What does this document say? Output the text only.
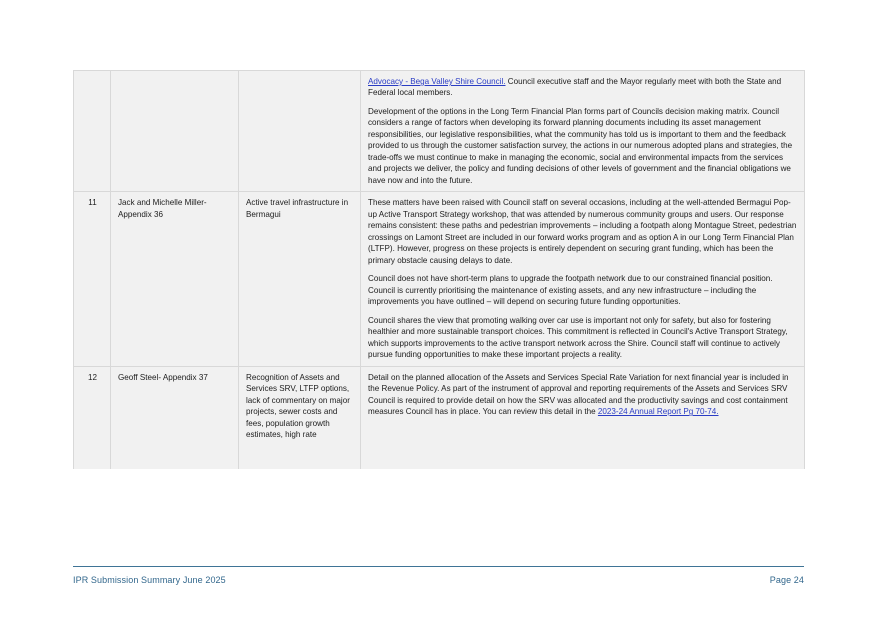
			Advocacy - Bega Valley Shire Council. Council executive staff and the Mayor regularly meet with both the State and Federal local members.

Development of the options in the Long Term Financial Plan forms part of Councils decision making matrix. Council considers a range of factors when developing its forward planning documents including its asset management responsibilities, our legislative responsibilities, what the community has told us is important to them and the feedback provided to us through the customer satisfaction survey, the actions in our numerous adopted plans and strategies, the trade-offs we must continue to make in managing the economic, social and environmental impacts from the services and projects we deliver, the policy and funding decisions of other levels of government and the financial obligations we have now and into the future.

11	Jack and Michelle Miller- Appendix 36	Active travel infrastructure in Bermagui	These matters have been raised with Council staff on several occasions, including at the well-attended Bermagui Pop-up Active Transport Strategy workshop, that was attended by numerous community groups and users. Our response remains consistent: these paths and pedestrian improvements – including a footpath along Montague Street, pedestrian crossings on Lamont Street are included in our forward works program and as option A in our Long Term Financial Plan (LTFP). However, progress on these projects is entirely dependent on securing grant funding, which has been the primary obstacle causing delays to date.

Council does not have short-term plans to upgrade the footpath network due to our constrained financial position. Council is currently prioritising the maintenance of existing assets, and any new infrastructure – including the improvements you have outlined – will depend on securing future funding opportunities.

Council shares the view that promoting walking over car use is important not only for safety, but also for fostering healthier and more sustainable transport choices. This commitment is reflected in Council's Active Transport Strategy, which supports improvements to the active transport network across the Shire. Council staff will continue to actively pursue funding opportunities to make these important projects a reality.

12	Geoff Steel- Appendix 37	Recognition of Assets and Services SRV, LTFP options, lack of commentary on major projects, sewer costs and fees, population growth estimates, high rate	Detail on the planned allocation of the Assets and Services Special Rate Variation for next financial year is included in the Revenue Policy. As part of the instrument of approval and reporting requirements of the Assets and Services SRV Council is required to provide detail on how the SRV was allocated and the productivity savings and cost containment measures Council has in place. You can review this detail in the 2023-24 Annual Report Pg 70-74.

IPR Submission Summary June 2025	Page 24
